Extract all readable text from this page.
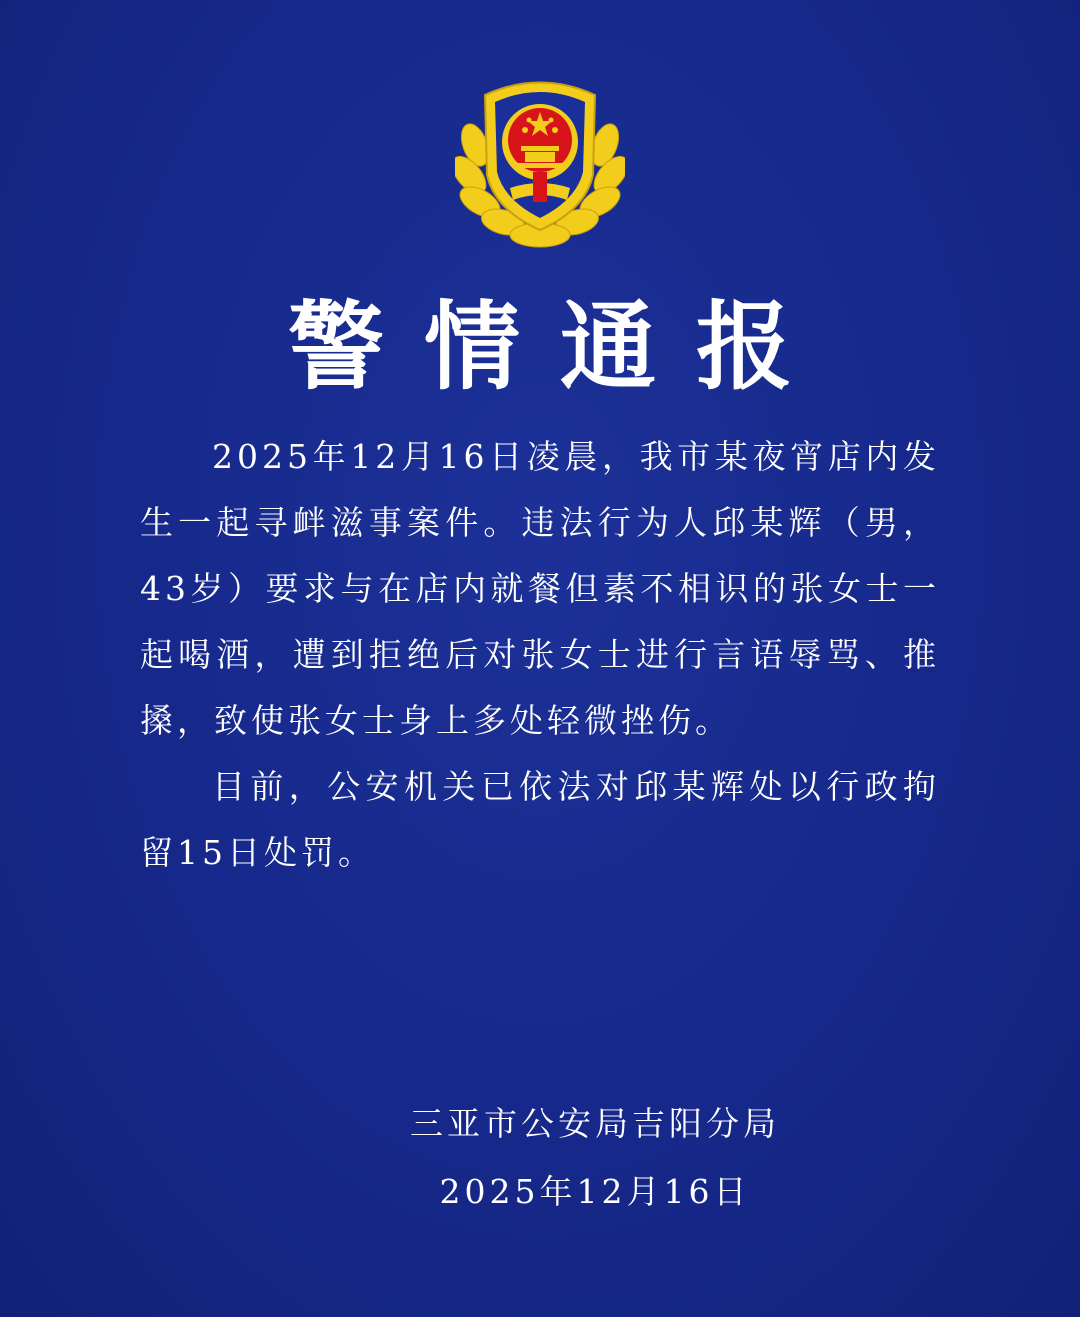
警情通报

2025年12月16日凌晨，我市某夜宵店内发生一起寻衅滋事案件。违法行为人邱某辉（男，43岁）要求与在店内就餐但素不相识的张女士一起喝酒，遭到拒绝后对张女士进行言语辱骂、推搡，致使张女士身上多处轻微挫伤。

目前，公安机关已依法对邱某辉处以行政拘留15日处罚。

三亚市公安局吉阳分局
2025年12月16日
